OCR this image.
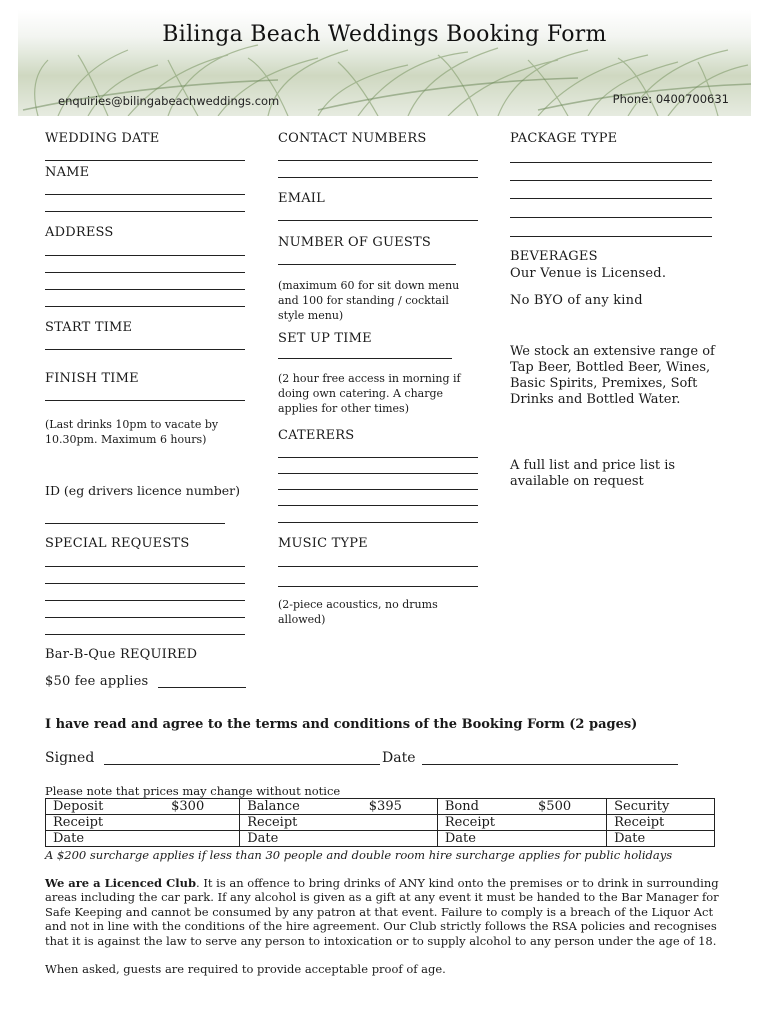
Bilinga Beach Weddings Booking Form
enquiries@bilingabeachweddings.com	Phone: 0400700631
WEDDING DATE
NAME
ADDRESS
START TIME
FINISH TIME
(Last drinks 10pm to vacate by
10.30pm. Maximum 6 hours)
ID (eg drivers licence number)
SPECIAL REQUESTS
Bar-B-Que REQUIRED
$50 fee applies
CONTACT NUMBERS
EMAIL
NUMBER OF GUESTS
(maximum 60 for sit down menu and 100 for standing / cocktail style menu)
SET UP TIME
(2 hour free access in morning if doing own catering. A charge applies for other times)
CATERERS
MUSIC TYPE
(2-piece acoustics, no drums allowed)
PACKAGE TYPE
BEVERAGES
Our Venue is Licensed.
No BYO of any kind
We stock an extensive range of Tap Beer, Bottled Beer, Wines, Basic Spirits, Premixes, Soft Drinks and Bottled Water.
A full list and price list is available on request
I have read and agree to the terms and conditions of the Booking Form (2 pages)
Signed	Date
Please note that prices may change without notice
Deposit $300	Balance $395	Bond $500	Security
Receipt	Receipt	Receipt	Receipt
Date	Date	Date	Date
A $200 surcharge applies if less than 30 people and double room hire surcharge applies for public holidays
We are a Licenced Club. It is an offence to bring drinks of ANY kind onto the premises or to drink in surrounding areas including the car park. If any alcohol is given as a gift at any event it must be handed to the Bar Manager for Safe Keeping and cannot be consumed by any patron at that event. Failure to comply is a breach of the Liquor Act and not in line with the conditions of the hire agreement. Our Club strictly follows the RSA policies and recognises that it is against the law to serve any person to intoxication or to supply alcohol to any person under the age of 18.
When asked, guests are required to provide acceptable proof of age.
